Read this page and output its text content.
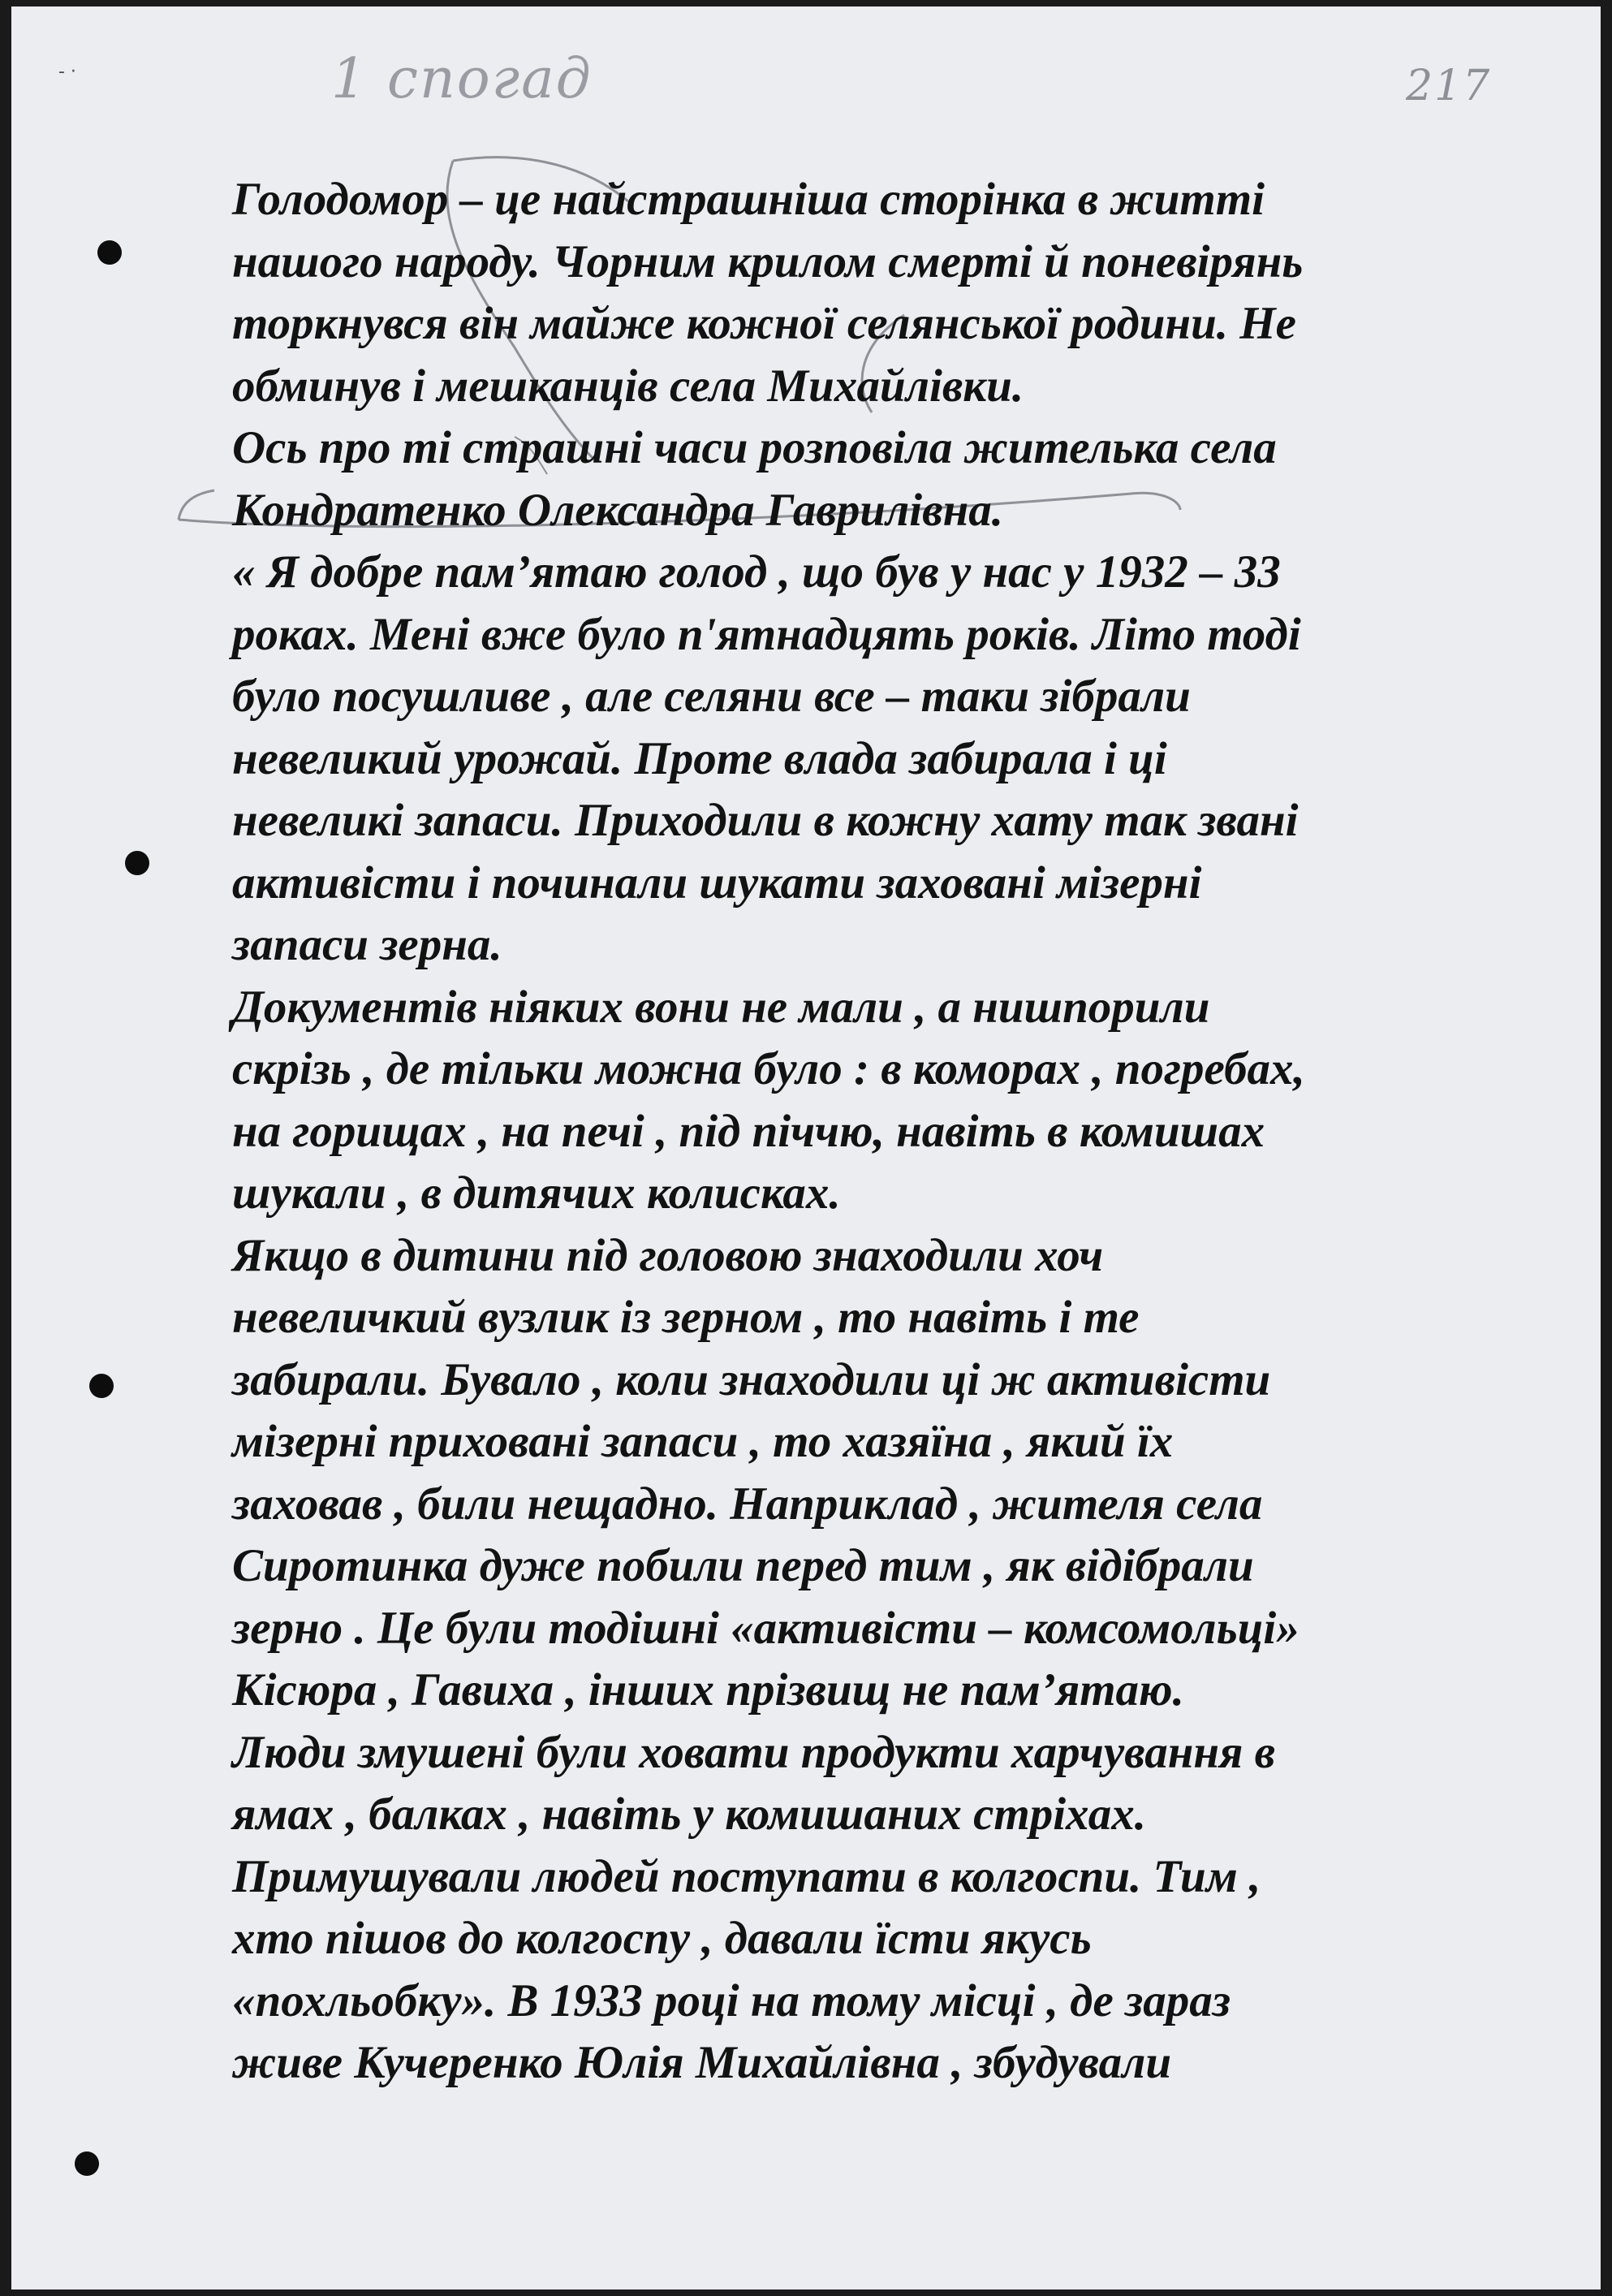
‑ ·	1 спогад	217
Голодомор – це найстрашніша сторінка в житті
нашого народу. Чорним крилом смерті й поневірянь
торкнувся він майже кожної селянської родини. Не
обминув і мешканців села Михайлівки.
Ось про ті страшні часи розповіла жителька села
Кондратенко Олександра Гаврилівна.
« Я добре пам’ятаю голод , що був у нас у 1932 – 33
роках. Мені вже було п'ятнадцять років. Літо тоді
було посушливе , але селяни все – таки зібрали
невеликий урожай. Проте влада забирала і ці
невеликі запаси. Приходили в кожну хату так звані
активісти і починали шукати заховані мізерні
запаси зерна.
Документів ніяких вони не мали , а нишпорили
скрізь , де тільки можна було : в коморах , погребах,
на горищах , на печі , під піччю, навіть в комишах
шукали , в дитячих колисках.
Якщо в дитини під головою знаходили хоч
невеличкий вузлик із зерном , то навіть і те
забирали. Бувало , коли знаходили ці ж активісти
мізерні приховані запаси , то хазяїна , який їх
заховав , били нещадно. Наприклад , жителя села
Сиротинка дуже побили перед тим , як відібрали
зерно . Це були тодішні «активісти – комсомольці»
Кісюра , Гавиха , інших прізвищ не пам’ятаю.
Люди змушені були ховати продукти харчування в
ямах , балках , навіть у комишаних стріхах.
Примушували людей поступати в колгоспи. Тим ,
хто пішов до колгоспу , давали їсти якусь
«похльобку». В 1933 році на тому місці , де зараз
живе Кучеренко Юлія Михайлівна , збудували
